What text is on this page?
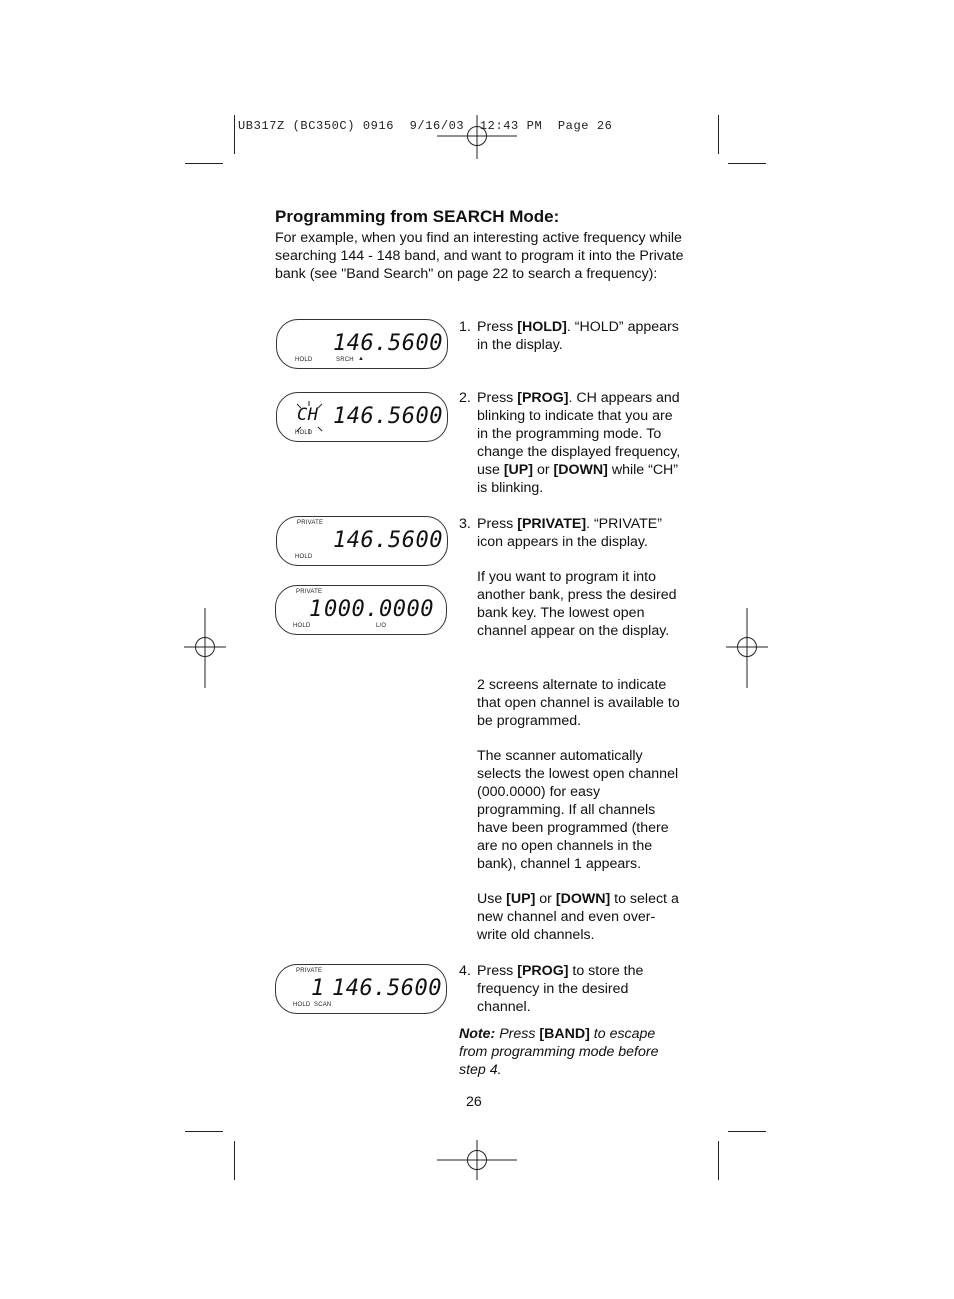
UB317Z (BC350C) 0916  9/16/03  12:43 PM  Page 26
Programming from SEARCH Mode:
For example, when you find an interesting active frequency while searching 144 - 148 band, and want to program it into the Private bank (see "Band Search" on page 22 to search a frequency):
146.5600
HOLD	SRCH ▲
CH 146.5600
HOLD
PRIVATE
146.5600
HOLD
PRIVATE
1 000.0000
HOLD	L/O
PRIVATE
1 146.5600
HOLD SCAN
1. Press [HOLD]. “HOLD” appears in the display.
2. Press [PROG]. CH appears and blinking to indicate that you are in the programming mode. To change the displayed frequency, use [UP] or [DOWN] while “CH” is blinking.
3. Press [PRIVATE]. “PRIVATE” icon appears in the display.
If you want to program it into another bank, press the desired bank key. The lowest open channel appear on the display.
2 screens alternate to indicate that open channel is available to be programmed.
The scanner automatically selects the lowest open channel (000.0000) for easy programming. If all channels have been programmed (there are no open channels in the bank), channel 1 appears.
Use [UP] or [DOWN] to select a new channel and even over-write old channels.
4. Press [PROG] to store the frequency in the desired channel.
Note: Press [BAND] to escape from programming mode before step 4.
26
